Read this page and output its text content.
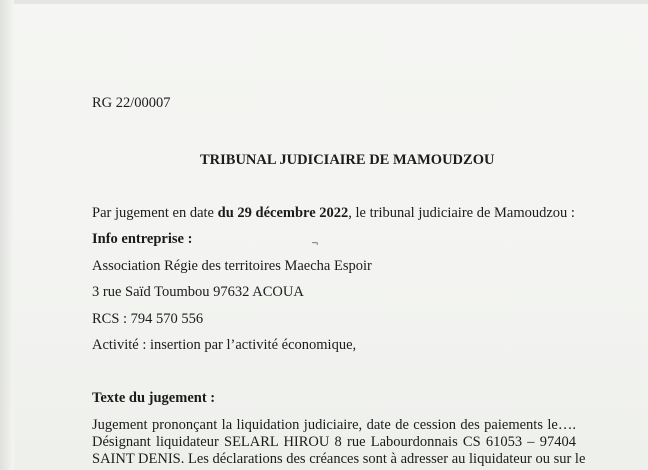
RG 22/00007
TRIBUNAL JUDICIAIRE DE MAMOUDZOU
Par jugement en date du 29 décembre 2022, le tribunal judiciaire de Mamoudzou :
Info entreprise :
Association Régie des territoires Maecha Espoir
3 rue Saïd Toumbou 97632 ACOUA
RCS : 794 570 556
Activité : insertion par l’activité économique,
Texte du jugement :
Jugement prononçant la liquidation judiciaire, date de cession des paiements le….
Désignant liquidateur SELARL HIROU 8 rue Labourdonnais CS 61053 – 97404
SAINT DENIS. Les déclarations des créances sont à adresser au liquidateur ou sur le
¬
